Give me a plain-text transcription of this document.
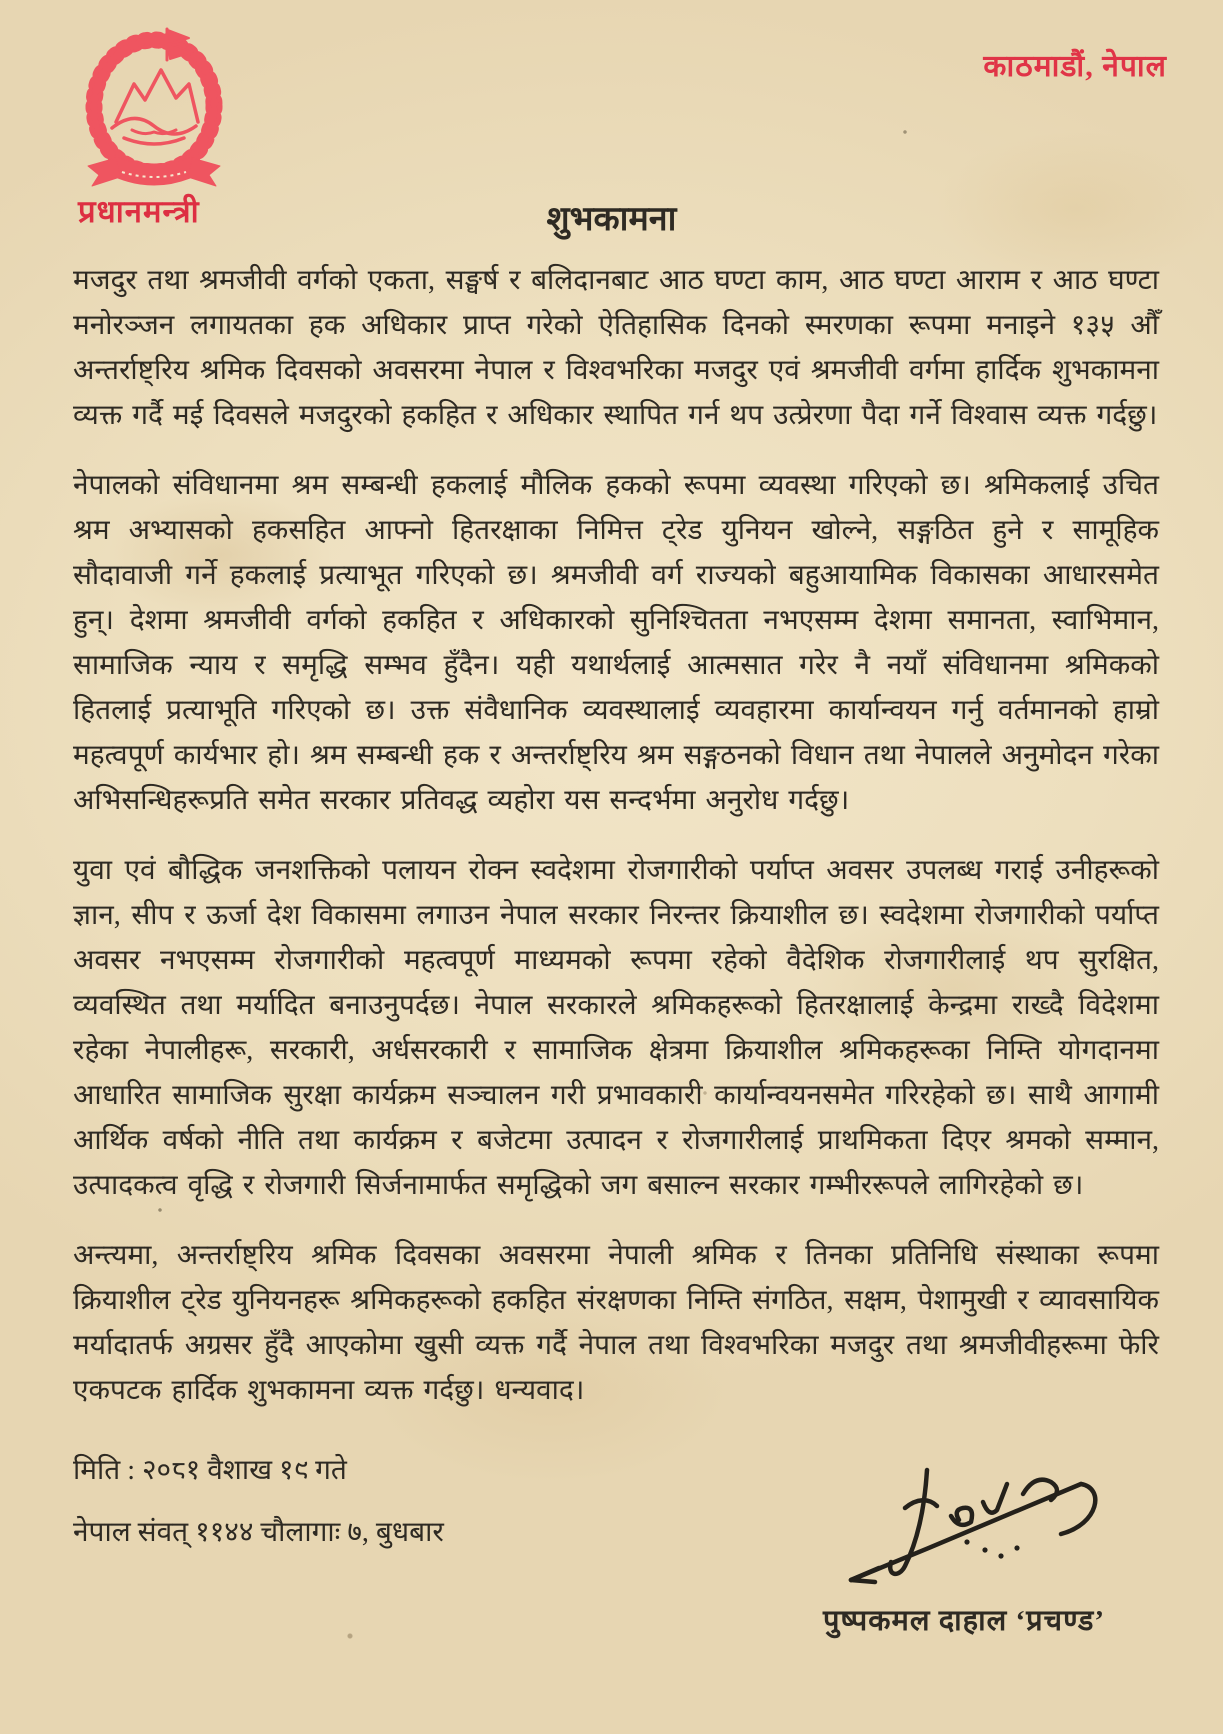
काठमाडौं, नेपाल
प्रधानमन्त्री	शुभकामना

मजदुर तथा श्रमजीवी वर्गको एकता, सङ्घर्ष र बलिदानबाट आठ घण्टा काम, आठ घण्टा आराम र आठ घण्टा मनोरञ्जन लगायतका हक अधिकार प्राप्त गरेको ऐतिहासिक दिनको स्मरणका रूपमा मनाइने १३५ औँ अन्तर्राष्ट्रिय श्रमिक दिवसको अवसरमा नेपाल र विश्वभरिका मजदुर एवं श्रमजीवी वर्गमा हार्दिक शुभकामना व्यक्त गर्दै मई दिवसले मजदुरको हकहित र अधिकार स्थापित गर्न थप उत्प्रेरणा पैदा गर्ने विश्वास व्यक्त गर्दछु।

नेपालको संविधानमा श्रम सम्बन्धी हकलाई मौलिक हकको रूपमा व्यवस्था गरिएको छ। श्रमिकलाई उचित श्रम अभ्यासको हकसहित आफ्नो हितरक्षाका निमित्त ट्रेड युनियन खोल्ने, सङ्गठित हुने र सामूहिक सौदावाजी गर्ने हकलाई प्रत्याभूत गरिएको छ। श्रमजीवी वर्ग राज्यको बहुआयामिक विकासका आधारसमेत हुन्। देशमा श्रमजीवी वर्गको हकहित र अधिकारको सुनिश्चितता नभएसम्म देशमा समानता, स्वाभिमान, सामाजिक न्याय र समृद्धि सम्भव हुँदैन। यही यथार्थलाई आत्मसात गरेर नै नयाँ संविधानमा श्रमिकको हितलाई प्रत्याभूति गरिएको छ। उक्त संवैधानिक व्यवस्थालाई व्यवहारमा कार्यान्वयन गर्नु वर्तमानको हाम्रो महत्वपूर्ण कार्यभार हो। श्रम सम्बन्धी हक र अन्तर्राष्ट्रिय श्रम सङ्गठनको विधान तथा नेपालले अनुमोदन गरेका अभिसन्धिहरूप्रति समेत सरकार प्रतिवद्ध व्यहोरा यस सन्दर्भमा अनुरोध गर्दछु।

युवा एवं बौद्धिक जनशक्तिको पलायन रोक्न स्वदेशमा रोजगारीको पर्याप्त अवसर उपलब्ध गराई उनीहरूको ज्ञान, सीप र ऊर्जा देश विकासमा लगाउन नेपाल सरकार निरन्तर क्रियाशील छ। स्वदेशमा रोजगारीको पर्याप्त अवसर नभएसम्म रोजगारीको महत्वपूर्ण माध्यमको रूपमा रहेको वैदेशिक रोजगारीलाई थप सुरक्षित, व्यवस्थित तथा मर्यादित बनाउनुपर्दछ। नेपाल सरकारले श्रमिकहरूको हितरक्षालाई केन्द्रमा राख्दै विदेशमा रहेका नेपालीहरू, सरकारी, अर्धसरकारी र सामाजिक क्षेत्रमा क्रियाशील श्रमिकहरूका निम्ति योगदानमा आधारित सामाजिक सुरक्षा कार्यक्रम सञ्चालन गरी प्रभावकारी कार्यान्वयनसमेत गरिरहेको छ। साथै आगामी आर्थिक वर्षको नीति तथा कार्यक्रम र बजेटमा उत्पादन र रोजगारीलाई प्राथमिकता दिएर श्रमको सम्मान, उत्पादकत्व वृद्धि र रोजगारी सिर्जनामार्फत समृद्धिको जग बसाल्न सरकार गम्भीररूपले लागिरहेको छ।

अन्त्यमा, अन्तर्राष्ट्रिय श्रमिक दिवसका अवसरमा नेपाली श्रमिक र तिनका प्रतिनिधि संस्थाका रूपमा क्रियाशील ट्रेड युनियनहरू श्रमिकहरूको हकहित संरक्षणका निम्ति संगठित, सक्षम, पेशामुखी र व्यावसायिक मर्यादातर्फ अग्रसर हुँदै आएकोमा खुसी व्यक्त गर्दै नेपाल तथा विश्वभरिका मजदुर तथा श्रमजीवीहरूमा फेरि एकपटक हार्दिक शुभकामना व्यक्त गर्दछु। धन्यवाद।

मिति : २०८१ वैशाख १९ गते
नेपाल संवत् ११४४ चौलागाः ७, बुधबार
पुष्पकमल दाहाल ‘प्रचण्ड’
